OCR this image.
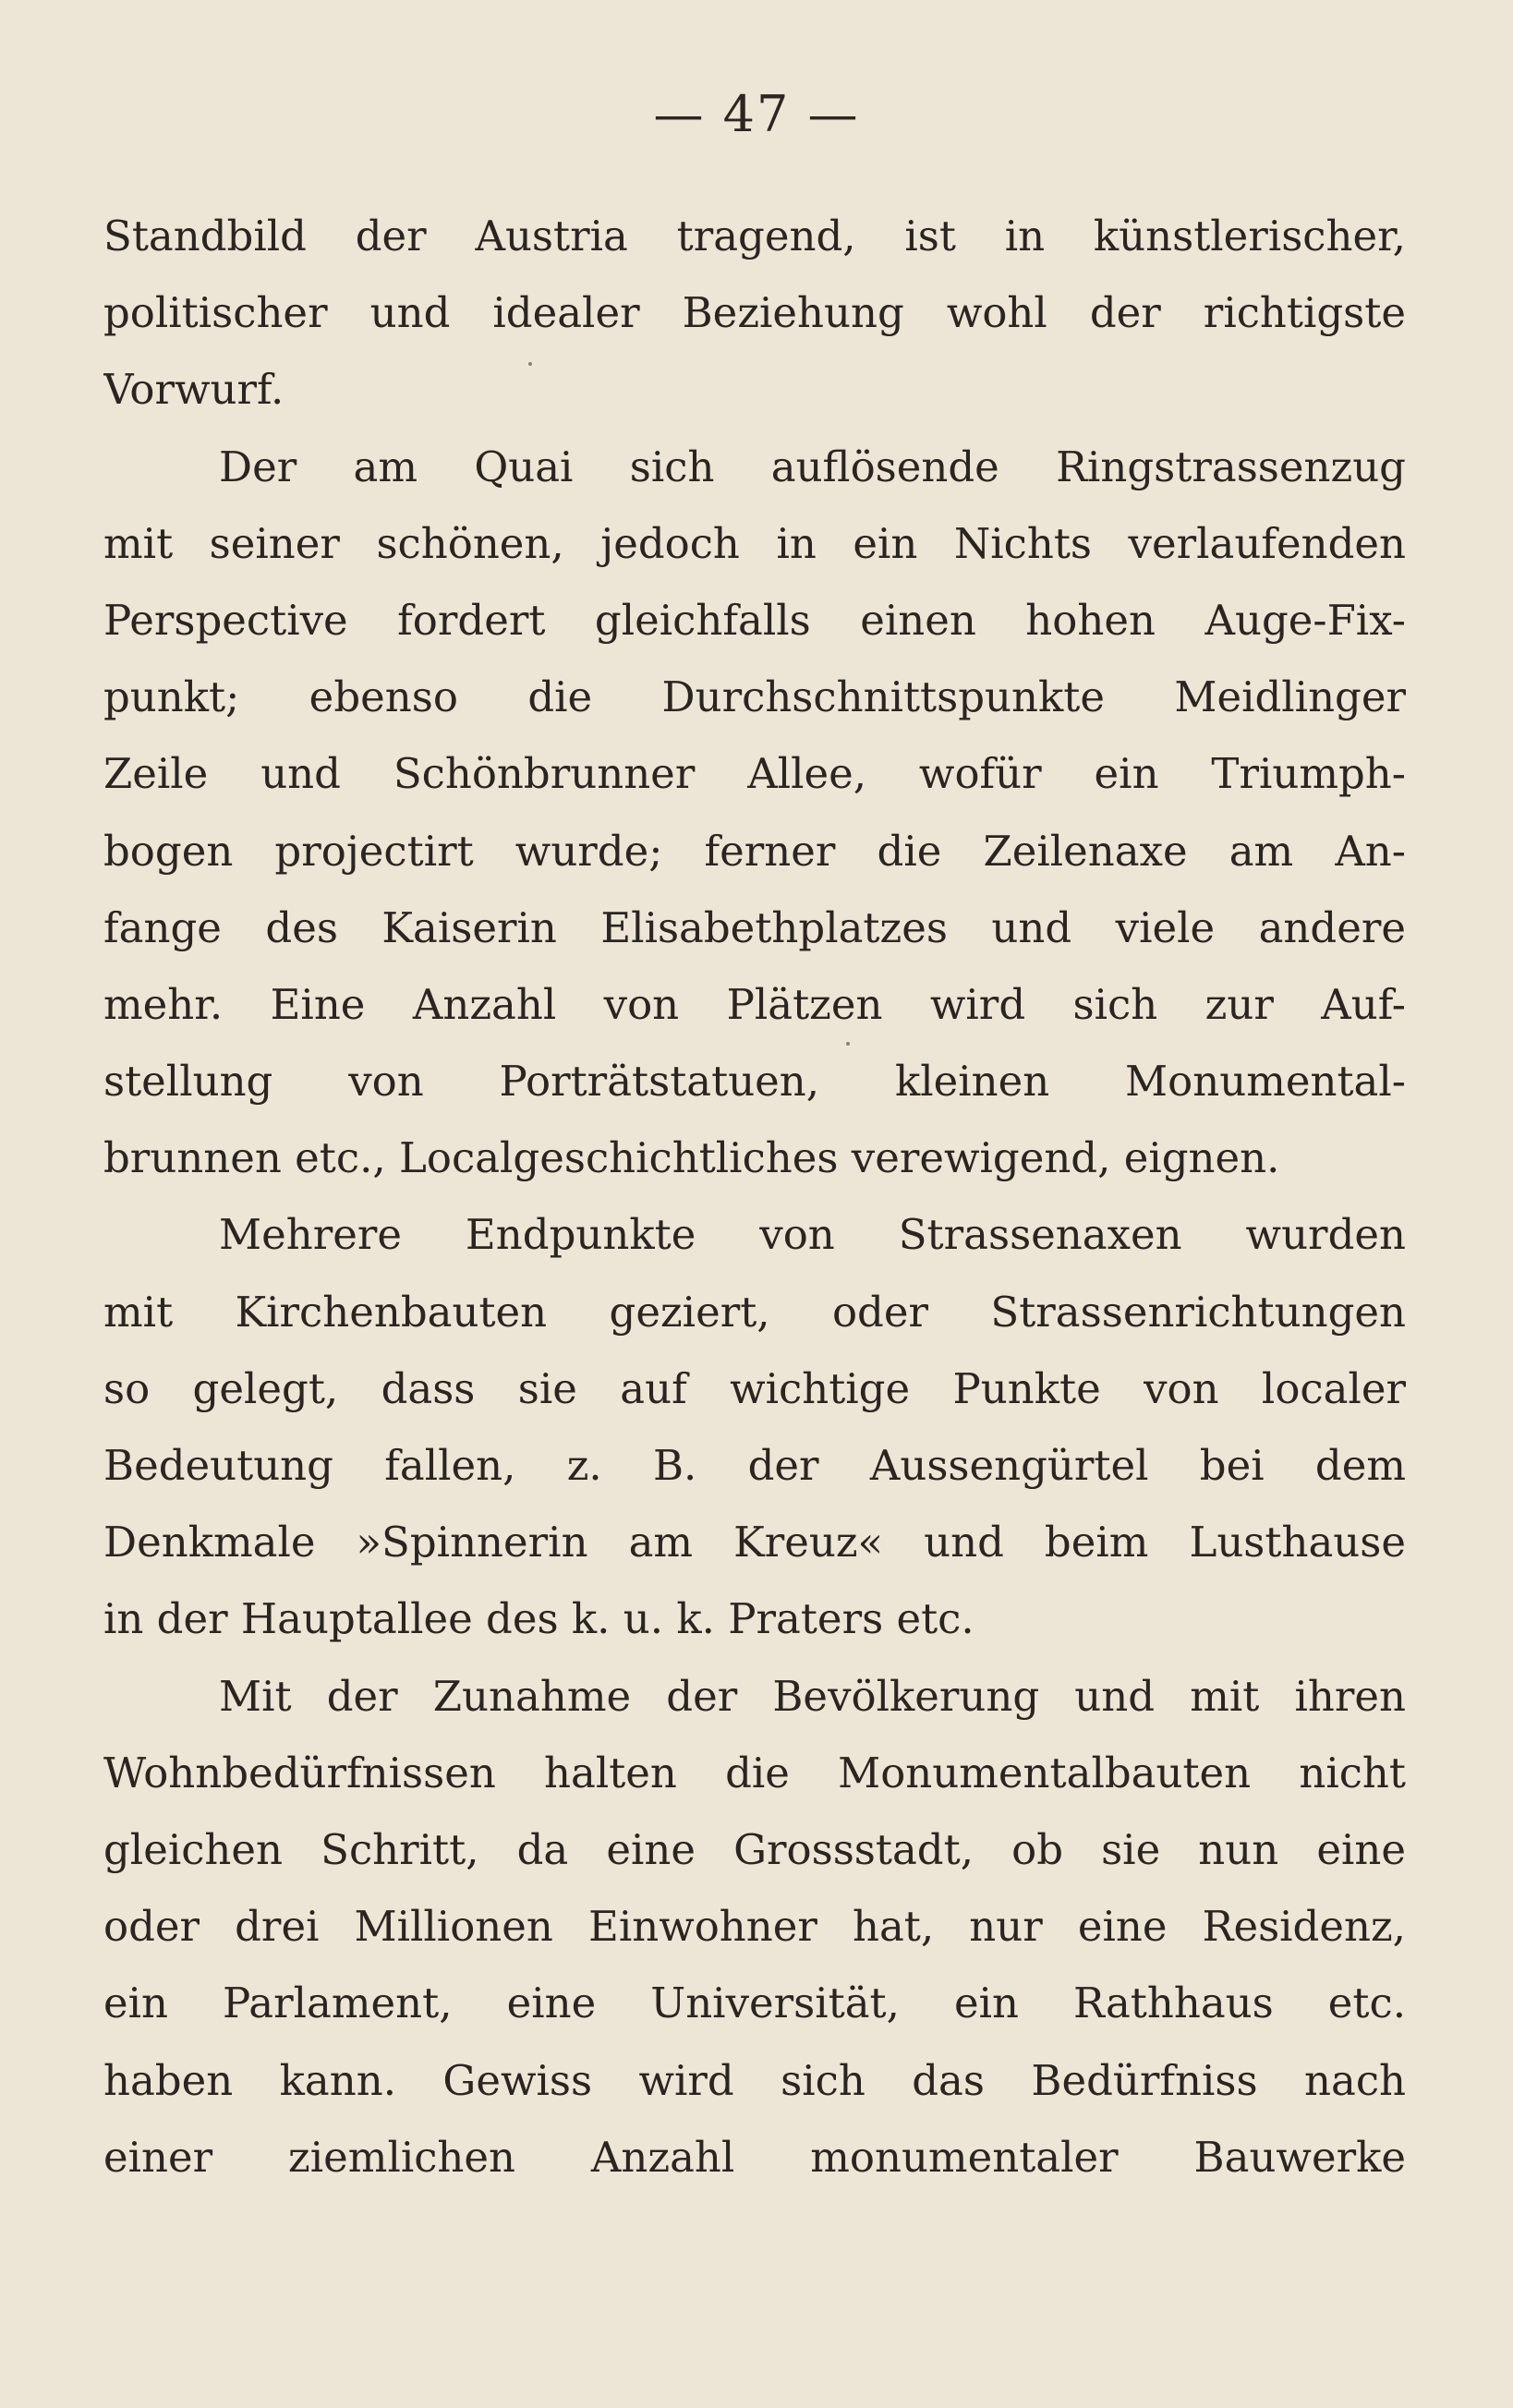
— 47 —
Standbild der Austria tragend, ist in künstlerischer,
politischer und idealer Beziehung wohl der richtigste
Vorwurf.
Der am Quai sich auflösende Ringstrassenzug
mit seiner schönen, jedoch in ein Nichts verlaufenden
Perspective fordert gleichfalls einen hohen Auge-Fix-
punkt; ebenso die Durchschnittspunkte Meidlinger
Zeile und Schönbrunner Allee, wofür ein Triumph-
bogen projectirt wurde; ferner die Zeilenaxe am An-
fange des Kaiserin Elisabethplatzes und viele andere
mehr. Eine Anzahl von Plätzen wird sich zur Auf-
stellung von Porträtstatuen, kleinen Monumental-
brunnen etc., Localgeschichtliches verewigend, eignen.
Mehrere Endpunkte von Strassenaxen wurden
mit Kirchenbauten geziert, oder Strassenrichtungen
so gelegt, dass sie auf wichtige Punkte von localer
Bedeutung fallen, z. B. der Aussengürtel bei dem
Denkmale »Spinnerin am Kreuz« und beim Lusthause
in der Hauptallee des k. u. k. Praters etc.
Mit der Zunahme der Bevölkerung und mit ihren
Wohnbedürfnissen halten die Monumentalbauten nicht
gleichen Schritt, da eine Grossstadt, ob sie nun eine
oder drei Millionen Einwohner hat, nur eine Residenz,
ein Parlament, eine Universität, ein Rathhaus etc.
haben kann. Gewiss wird sich das Bedürfniss nach
einer ziemlichen Anzahl monumentaler Bauwerke
